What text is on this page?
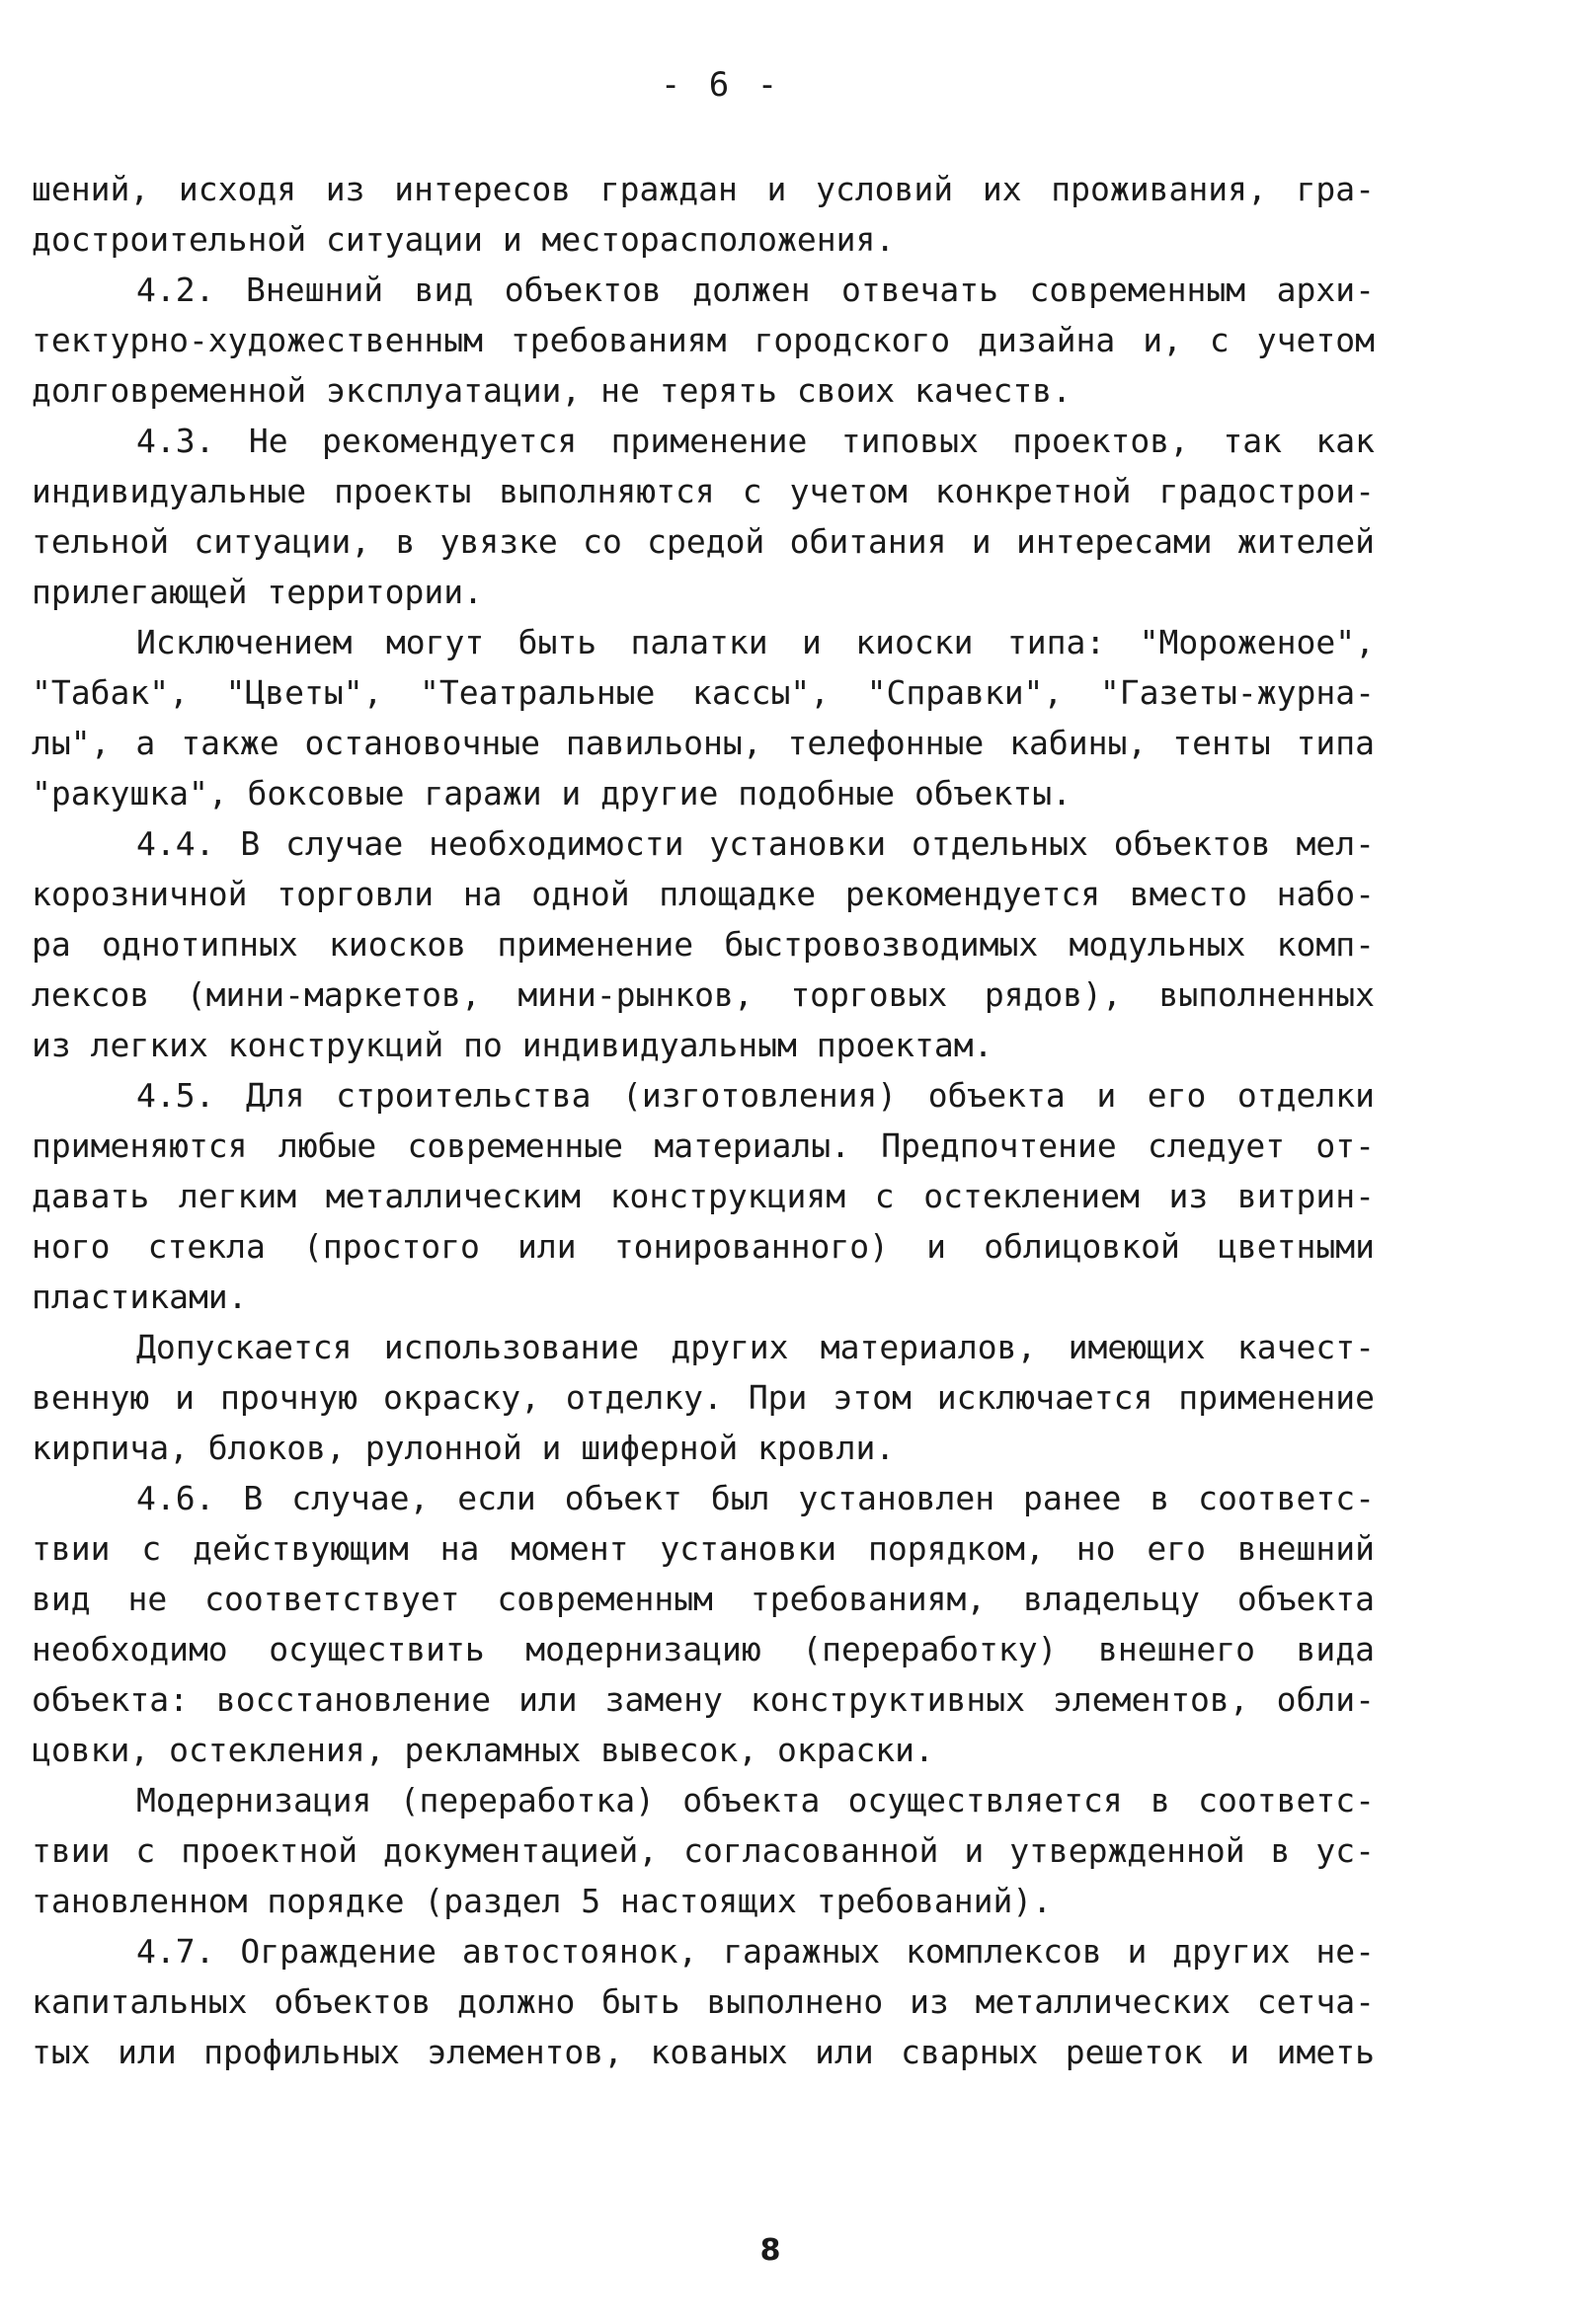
- 6 -
шений, исходя из интересов граждан и условий их проживания, гра-
достроительной ситуации и месторасположения.
4.2. Внешний вид объектов должен отвечать современным архи-
тектурно-художественным требованиям городского дизайна и, с учетом
долговременной эксплуатации, не терять своих качеств.
4.3. Не рекомендуется применение типовых проектов, так как
индивидуальные проекты выполняются с учетом конкретной градострои-
тельной ситуации, в увязке со средой обитания и интересами жителей
прилегающей территории.
Исключением могут быть палатки и киоски типа: "Мороженое",
"Табак", "Цветы", "Театральные кассы", "Справки", "Газеты-журна-
лы", а также остановочные павильоны, телефонные кабины, тенты типа
"ракушка", боксовые гаражи и другие подобные объекты.
4.4. В случае необходимости установки отдельных объектов мел-
корозничной торговли на одной площадке рекомендуется вместо набо-
ра однотипных киосков применение быстровозводимых модульных комп-
лексов (мини-маркетов, мини-рынков, торговых рядов), выполненных
из легких конструкций по индивидуальным проектам.
4.5. Для строительства (изготовления) объекта и его отделки
применяются любые современные материалы. Предпочтение следует от-
давать легким металлическим конструкциям с остеклением из витрин-
ного стекла (простого или тонированного) и облицовкой цветными
пластиками.
Допускается использование других материалов, имеющих качест-
венную и прочную окраску, отделку. При этом исключается применение
кирпича, блоков, рулонной и шиферной кровли.
4.6. В случае, если объект был установлен ранее в соответс-
твии с действующим на момент установки порядком, но его внешний
вид не соответствует современным требованиям, владельцу объекта
необходимо осуществить модернизацию (переработку) внешнего вида
объекта: восстановление или замену конструктивных элементов, обли-
цовки, остекления, рекламных вывесок, окраски.
Модернизация (переработка) объекта осуществляется в соответс-
твии с проектной документацией, согласованной и утвержденной в ус-
тановленном порядке (раздел 5 настоящих требований).
4.7. Ограждение автостоянок, гаражных комплексов и других не-
капитальных объектов должно быть выполнено из металлических сетча-
тых или профильных элементов, кованых или сварных решеток и иметь
8
